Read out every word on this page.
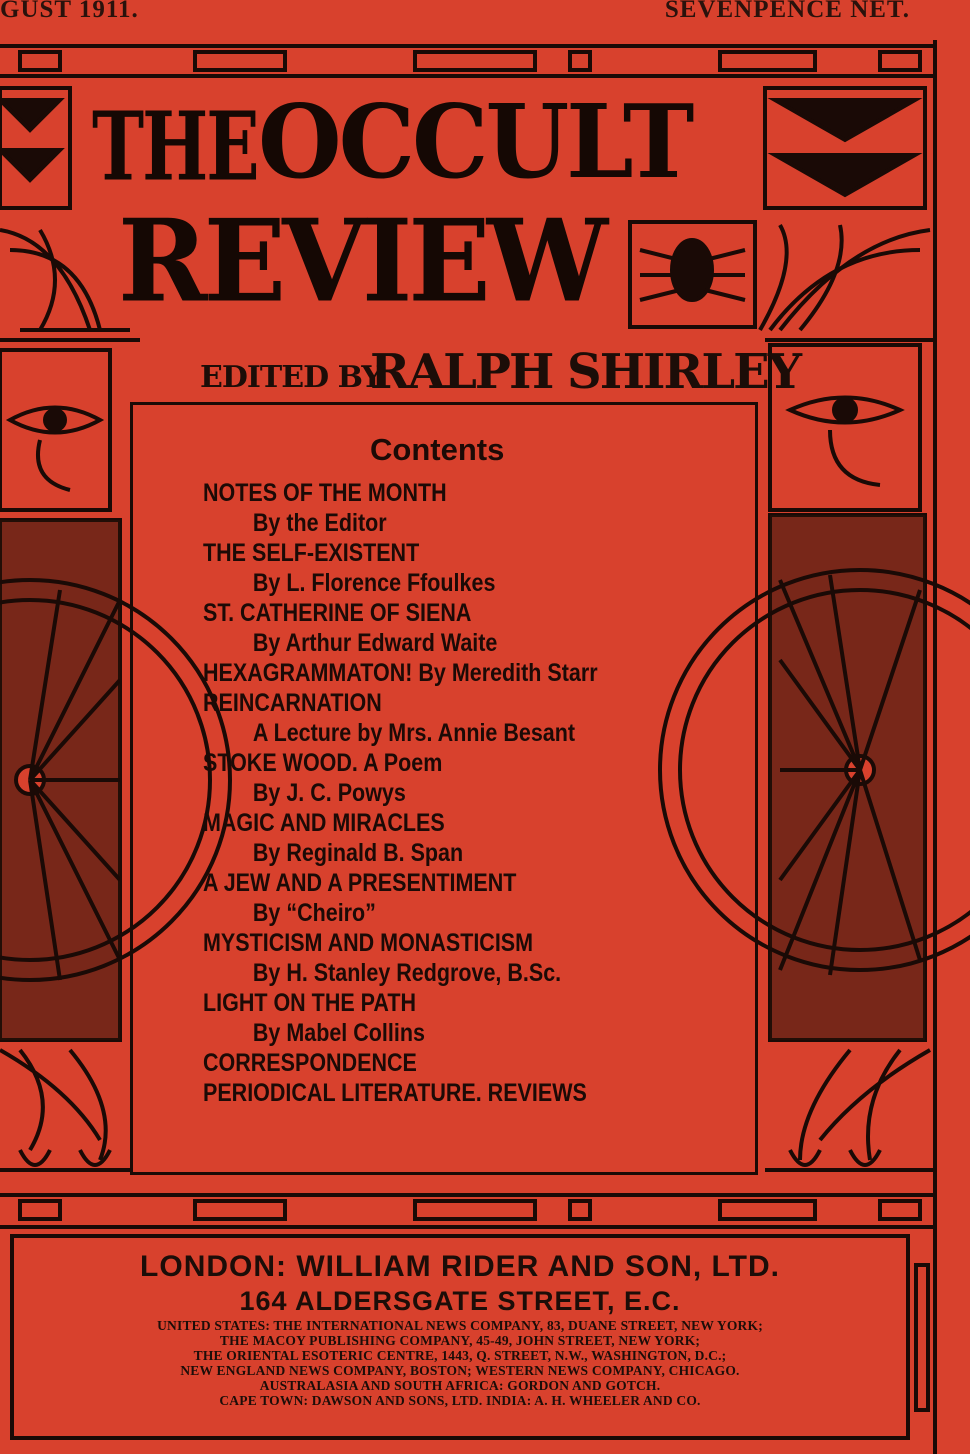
GUST 1911.	SEVENPENCE NET.
THE OCCULT
REVIEW
EDITED BY
RALPH SHIRLEY
Contents
NOTES OF THE MONTH
By the Editor
THE SELF-EXISTENT
By L. Florence Ffoulkes
ST. CATHERINE OF SIENA
By Arthur Edward Waite
HEXAGRAMMATON! By Meredith Starr
REINCARNATION
A Lecture by Mrs. Annie Besant
STOKE WOOD. A Poem
By J. C. Powys
MAGIC AND MIRACLES
By Reginald B. Span
A JEW AND A PRESENTIMENT
By “Cheiro”
MYSTICISM AND MONASTICISM
By H. Stanley Redgrove, B.Sc.
LIGHT ON THE PATH
By Mabel Collins
CORRESPONDENCE
PERIODICAL LITERATURE. REVIEWS
LONDON: WILLIAM RIDER AND SON, LTD.
164 ALDERSGATE STREET, E.C.
UNITED STATES: THE INTERNATIONAL NEWS COMPANY, 83, DUANE STREET, NEW YORK;
THE MACOY PUBLISHING COMPANY, 45-49, JOHN STREET, NEW YORK;
THE ORIENTAL ESOTERIC CENTRE, 1443, Q. STREET, N.W., WASHINGTON, D.C.;
NEW ENGLAND NEWS COMPANY, BOSTON; WESTERN NEWS COMPANY, CHICAGO.
AUSTRALASIA AND SOUTH AFRICA: GORDON AND GOTCH.
CAPE TOWN: DAWSON AND SONS, LTD. INDIA: A. H. WHEELER AND CO.
